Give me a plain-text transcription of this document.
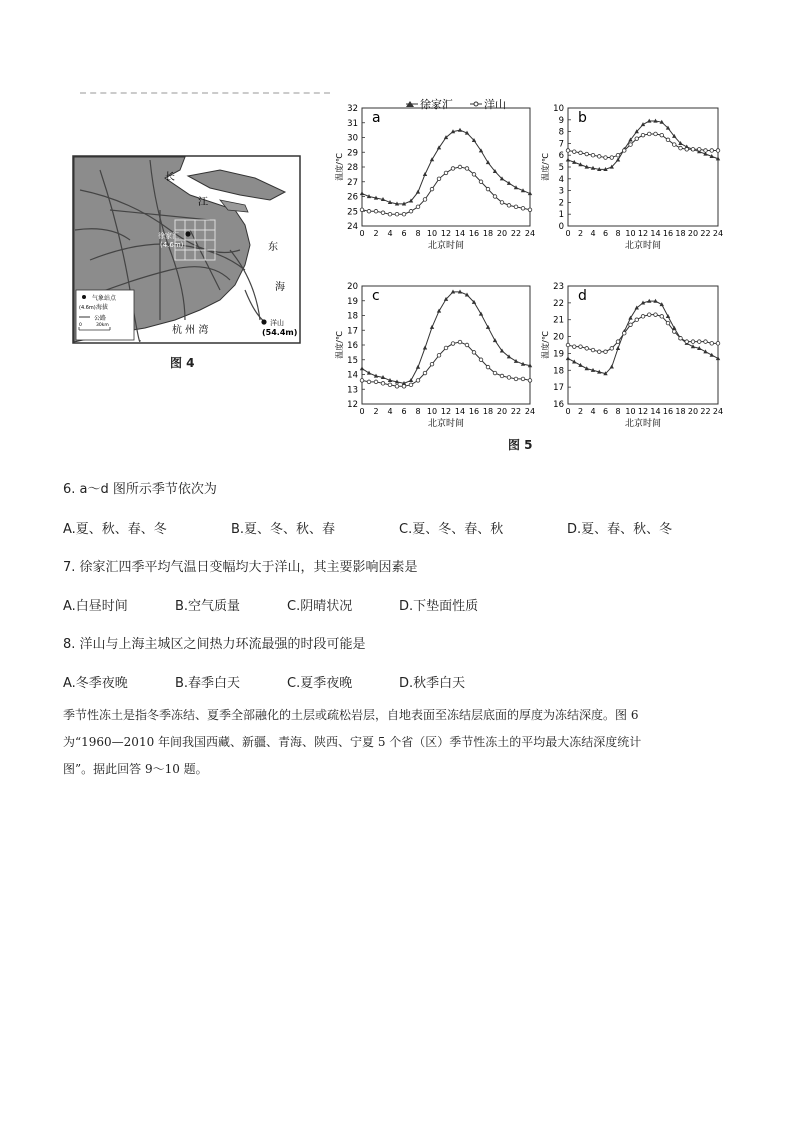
长
江
东
海
杭 州 湾
徐家汇
(4.6m)
洋山
(54.4m)
气象站点
(4.6m) 海拔
公路
0	30km
图 4
徐家汇	洋山
a
24
25
26
27
28
29
30
31
32
0 2 4 6 8 10 12 14 16 18 20 22 24
北京时间
温度/℃
b
0
1
2
3
4
5
6
7
8
9
10
0 2 4 6 8 10 12 14 16 18 20 22 24
北京时间
温度/℃
c
12
13
14
15
16
17
18
19
20
0 2 4 6 8 10 12 14 16 18 20 22 24
北京时间
温度/℃
d
16
17
18
19
20
21
22
23
0 2 4 6 8 10 12 14 16 18 20 22 24
北京时间
温度/℃
图 5
6. a～d 图所示季节依次为
A.夏、秋、春、冬	B.夏、冬、秋、春	C.夏、冬、春、秋	D.夏、春、秋、冬
7. 徐家汇四季平均气温日变幅均大于洋山，其主要影响因素是
A.白昼时间	B.空气质量	C.阴晴状况	D.下垫面性质
8. 洋山与上海主城区之间热力环流最强的时段可能是
A.冬季夜晚	B.春季白天	C.夏季夜晚	D.秋季白天
季节性冻土是指冬季冻结、夏季全部融化的土层或疏松岩层，自地表面至冻结层底面的厚度为冻结深度。图 6
为“1960—2010 年间我国西藏、新疆、青海、陕西、宁夏 5 个省（区）季节性冻土的平均最大冻结深度统计
图”。据此回答 9～10 题。
